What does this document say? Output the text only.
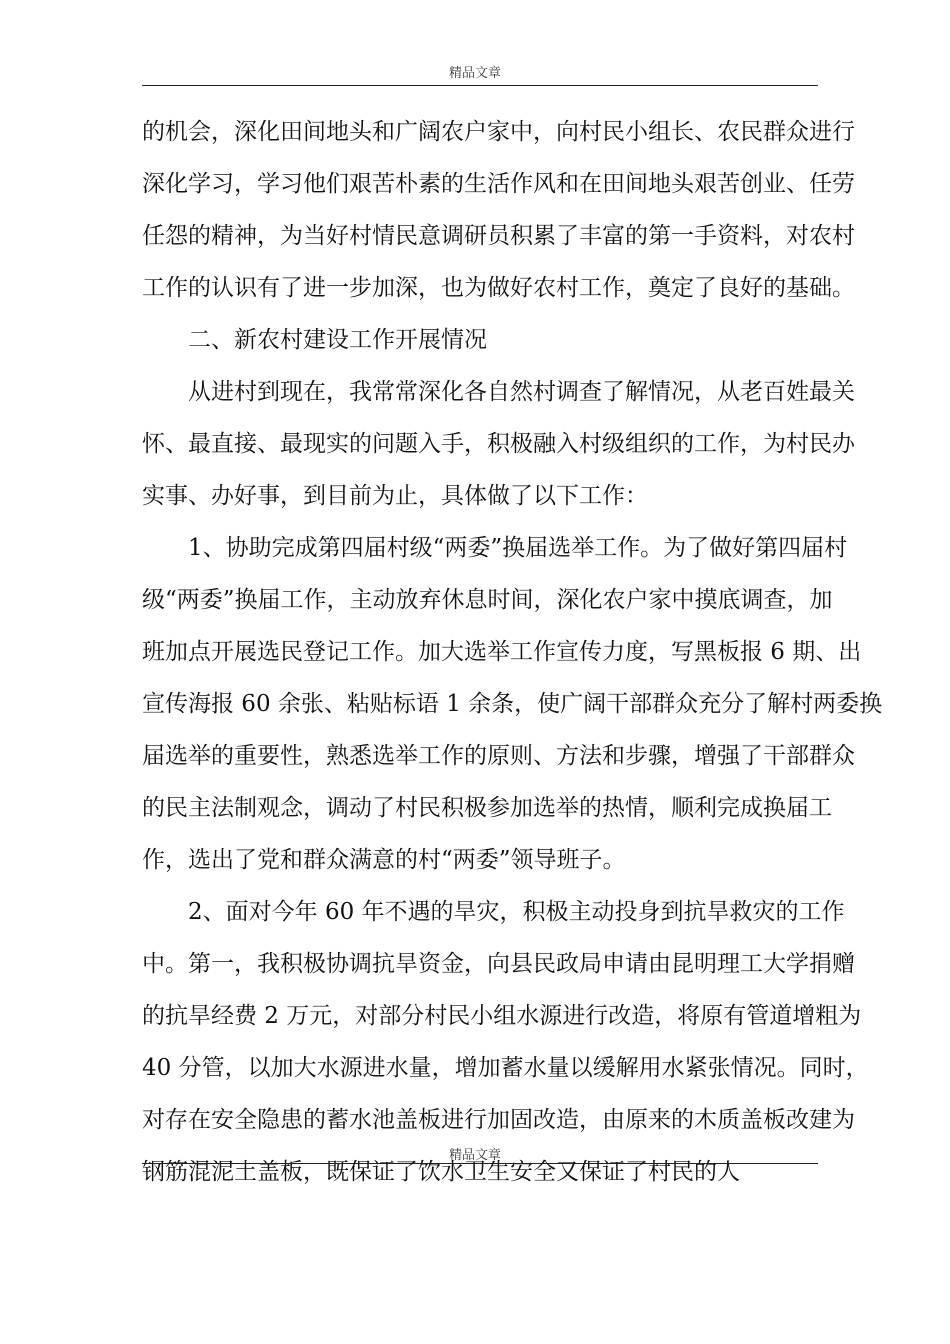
精品文章
的机会，深化田间地头和广阔农户家中，向村民小组长、农民群众进行
深化学习，学习他们艰苦朴素的生活作风和在田间地头艰苦创业、任劳
任怨的精神，为当好村情民意调研员积累了丰富的第一手资料，对农村
工作的认识有了进一步加深，也为做好农村工作，奠定了良好的基础。
二、新农村建设工作开展情况
从进村到现在，我常常深化各自然村调查了解情况，从老百姓最关
怀、最直接、最现实的问题入手，积极融入村级组织的工作，为村民办
实事、办好事，到目前为止，具体做了以下工作：
1、协助完成第四届村级“两委”换届选举工作。为了做好第四届村
级“两委”换届工作，主动放弃休息时间，深化农户家中摸底调查，加
班加点开展选民登记工作。加大选举工作宣传力度，写黑板报 6 期、出
宣传海报 60 余张、粘贴标语 1 余条，使广阔干部群众充分了解村两委换
届选举的重要性，熟悉选举工作的原则、方法和步骤，增强了干部群众
的民主法制观念，调动了村民积极参加选举的热情，顺利完成换届工
作，选出了党和群众满意的村“两委”领导班子。
2、面对今年 60 年不遇的旱灾，积极主动投身到抗旱救灾的工作
中。第一，我积极协调抗旱资金，向县民政局申请由昆明理工大学捐赠
的抗旱经费 2 万元，对部分村民小组水源进行改造，将原有管道增粗为
40 分管，以加大水源进水量，增加蓄水量以缓解用水紧张情况。同时，
对存在安全隐患的蓄水池盖板进行加固改造，由原来的木质盖板改建为
钢筋混泥土盖板，既保证了饮水卫生安全又保证了村民的人
精品文章
